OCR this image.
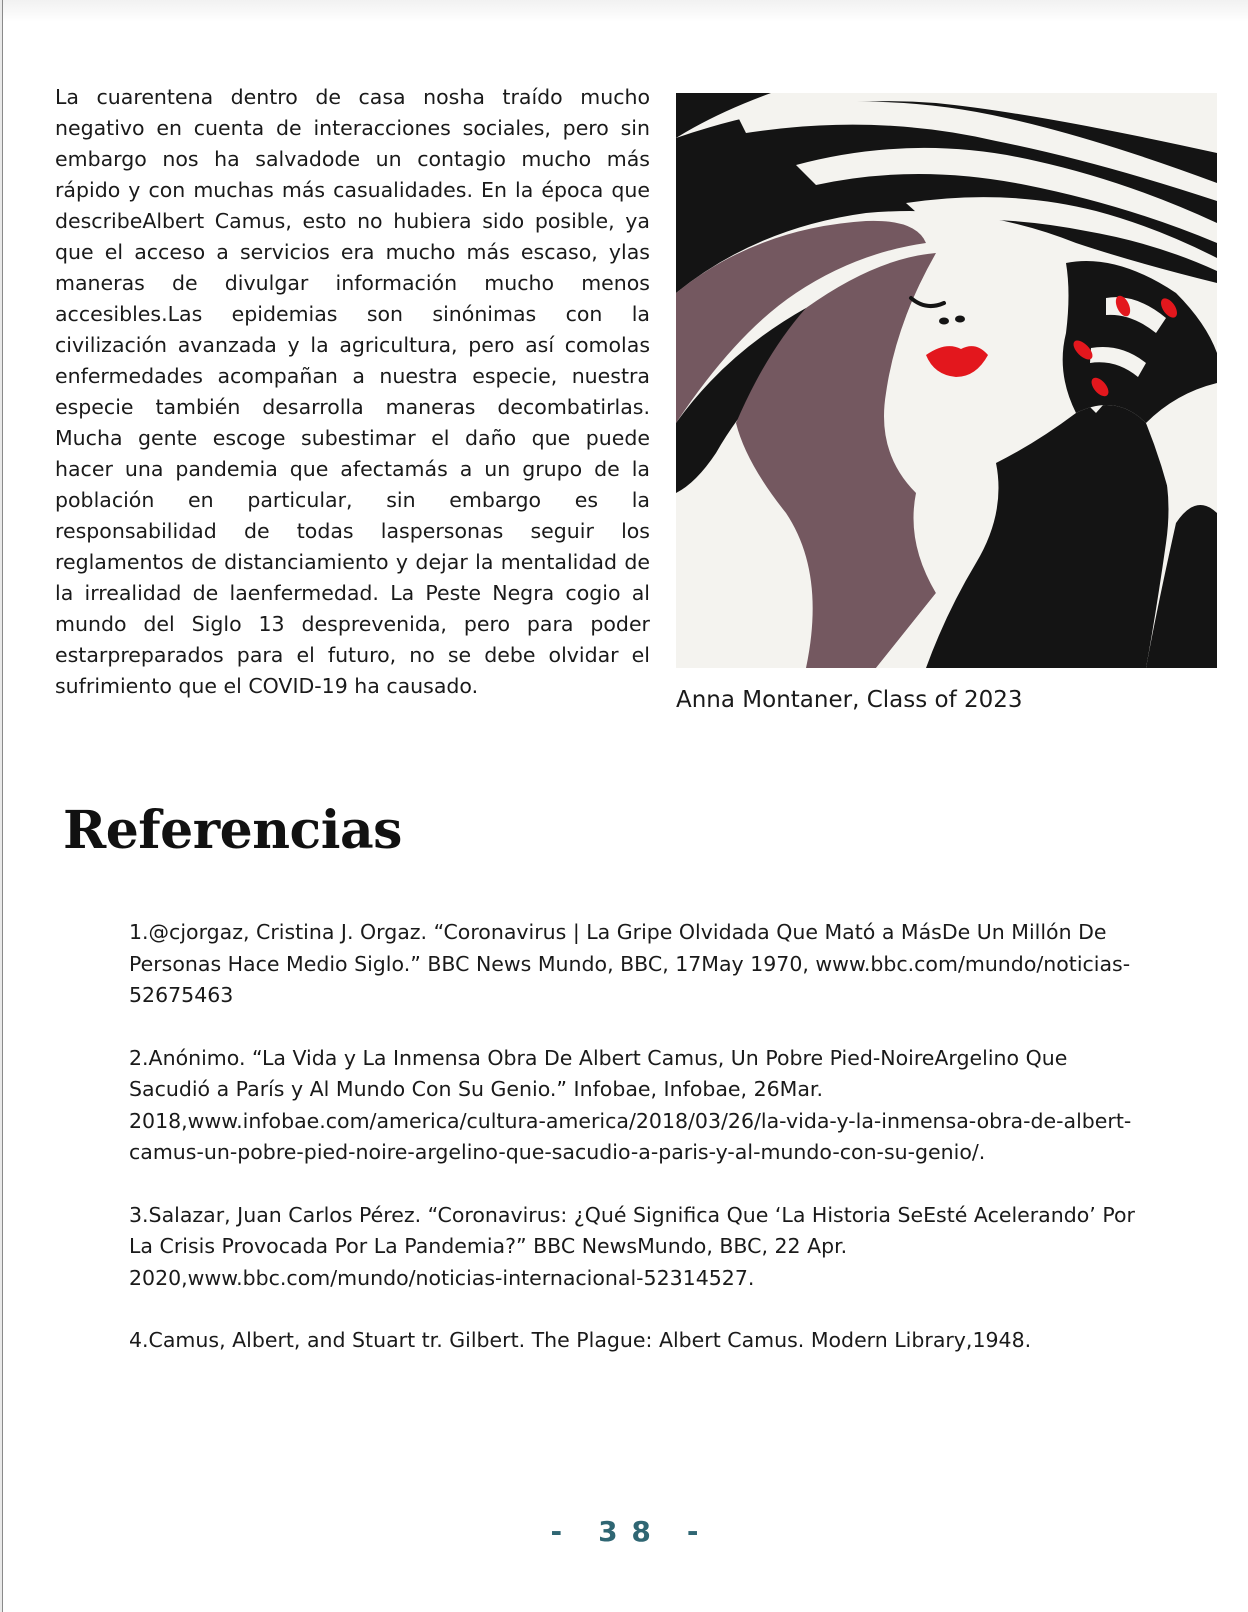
La cuarentena dentro de casa nosha traído mucho negativo en cuenta de interacciones sociales, pero sin embargo nos ha salvadode un contagio mucho más rápido y con muchas más casualidades. En la época que describeAlbert Camus, esto no hubiera sido posible, ya que el acceso a servicios era mucho más escaso, ylas maneras de divulgar información mucho menos accesibles.Las epidemias son sinónimas con la civilización avanzada y la agricultura, pero así comolas enfermedades acompañan a nuestra especie, nuestra especie también desarrolla maneras decombatirlas. Mucha gente escoge subestimar el daño que puede hacer una pandemia que afectamás a un grupo de la población en particular, sin embargo es la responsabilidad de todas laspersonas seguir los reglamentos de distanciamiento y dejar la mentalidad de la irrealidad de laenfermedad. La Peste Negra cogio al mundo del Siglo 13 desprevenida, pero para poder estarpreparados para el futuro, no se debe olvidar el sufrimiento que el COVID-19 ha causado.

Anna Montaner, Class of 2023

Referencias
1.@cjorgaz, Cristina J. Orgaz. “Coronavirus | La Gripe Olvidada Que Mató a MásDe Un Millón De Personas Hace Medio Siglo.” BBC News Mundo, BBC, 17May 1970, www.bbc.com/mundo/noticias-52675463
2.Anónimo. “La Vida y La Inmensa Obra De Albert Camus, Un Pobre Pied-NoireArgelino Que Sacudió a París y Al Mundo Con Su Genio.” Infobae, Infobae, 26Mar. 2018,www.infobae.com/america/cultura-america/2018/03/26/la-vida-y-la-inmensa-obra-de-albert-camus-un-pobre-pied-noire-argelino-que-sacudio-a-paris-y-al-mundo-con-su-genio/.
3.Salazar, Juan Carlos Pérez. “Coronavirus: ¿Qué Significa Que ‘La Historia SeEsté Acelerando’ Por La Crisis Provocada Por La Pandemia?” BBC NewsMundo, BBC, 22 Apr. 2020,www.bbc.com/mundo/noticias-internacional-52314527.
4.Camus, Albert, and Stuart tr. Gilbert. The Plague: Albert Camus. Modern Library,1948.
- 3 8 -
